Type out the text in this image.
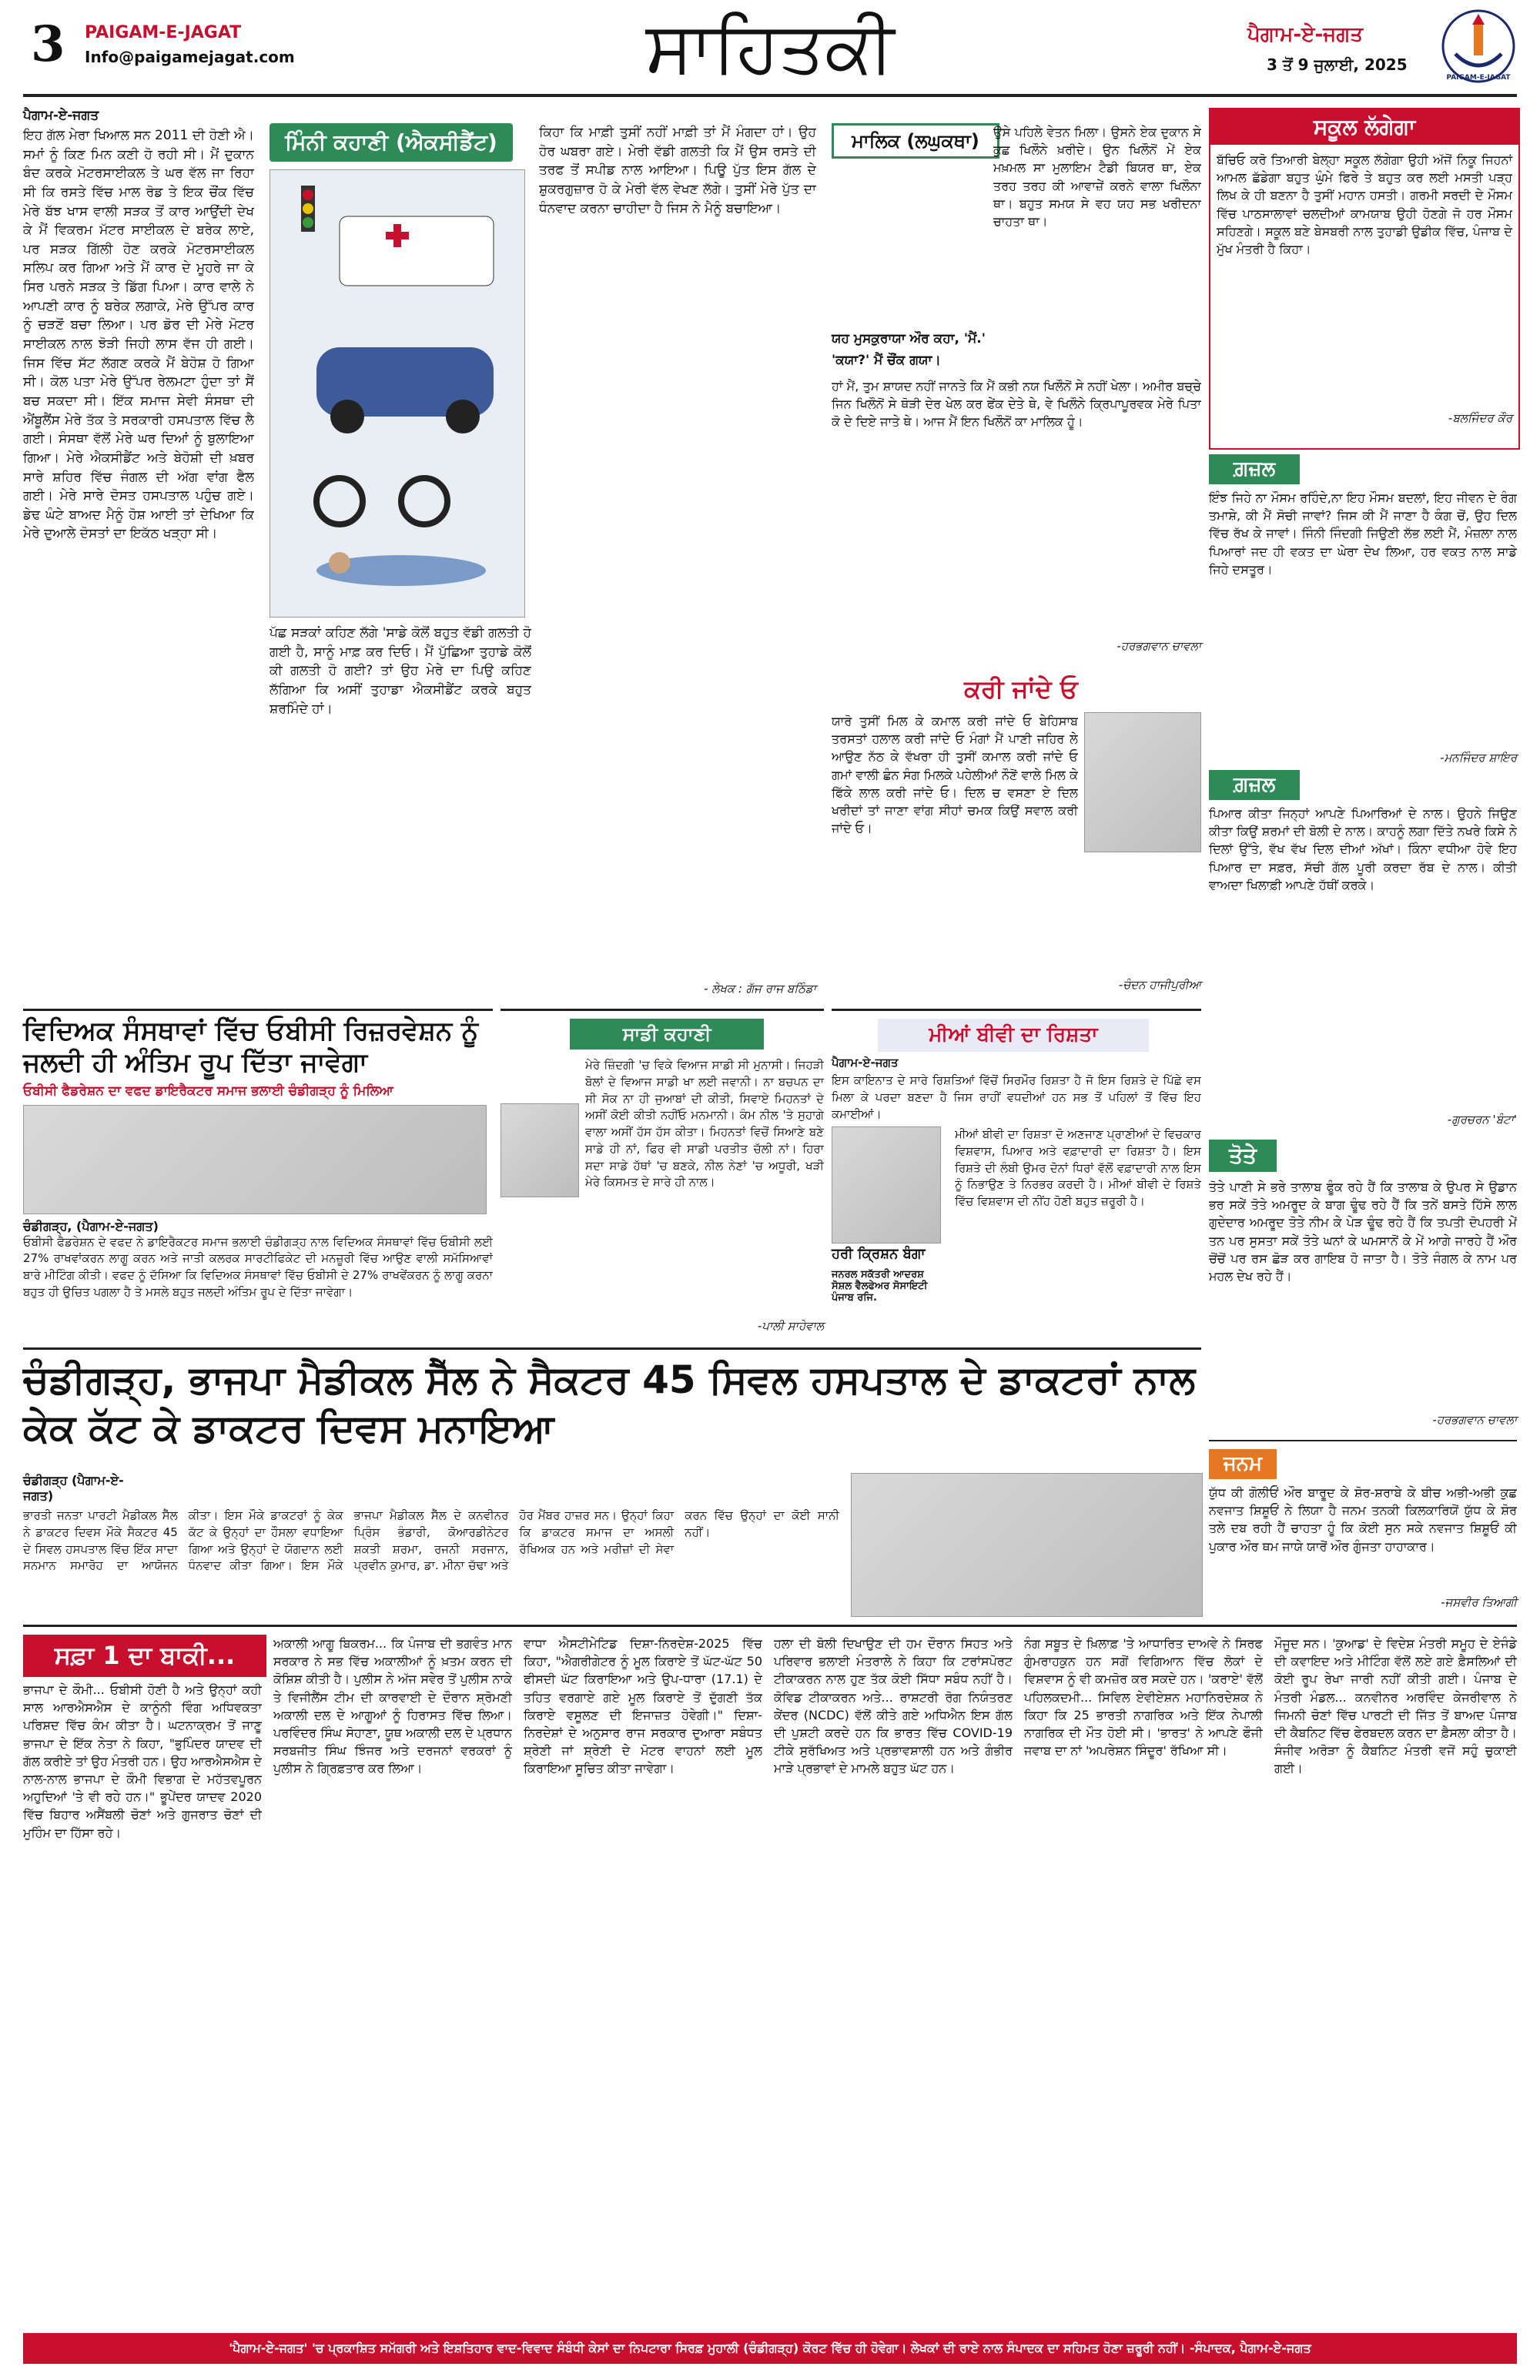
3 PAIGAM-E-JAGAT
Info@paigamejagat.com	ਸਾਹਿਤਕੀ	ਪੈਗਾਮ-ਏ-ਜਗਤ
3 ਤੋਂ 9 ਜੁਲਾਈ, 2025
PAIGAM-E-JAGAT
ਪੈਗਾਮ-ਏ-ਜਗਤ
ਇਹ ਗੱਲ ਮੇਰਾ ਖਿਆਲ ਸਨ 2011 ਦੀ ਹੋਣੀ ਐ। ਸਮਾਂ ਨੂੰ ਕਿਣ ਮਿਨ ਕਣੀ ਹੋ ਰਹੀ ਸੀ। ਮੈਂ ਦੁਕਾਨ ਬੰਦ ਕਰਕੇ ਮੋਟਰਸਾਈਕਲ ਤੇ ਘਰ ਵੱਲ ਜਾ ਰਿਹਾ ਸੀ ਕਿ ਰਸਤੇ ਵਿੱਚ ਮਾਲ ਰੋਡ ਤੇ ਇਕ ਚੌਂਕ ਵਿੱਚ ਮੇਰੇ ਬੱਝ ਖਾਸ ਵਾਲੀ ਸੜਕ ਤੋਂ ਕਾਰ ਆਉਂਦੀ ਦੇਖ ਕੇ ਮੈਂ ਵਿਕਰਮ ਮੱਟਰ ਸਾਈਕਲ ਦੇ ਬਰੇਕ ਲਾਏ, ਪਰ ਸੜਕ ਗਿੱਲੀ ਹੋਣ ਕਰਕੇ ਮੋਟਰਸਾਈਕਲ ਸਲਿਪ ਕਰ ਗਿਆ ਅਤੇ ਮੈਂ ਕਾਰ ਦੇ ਮੂਹਰੇ ਜਾ ਕੇ ਸਿਰ ਪਰਨੇ ਸੜਕ ਤੇ ਡਿੱਗ ਪਿਆ। ਕਾਰ ਵਾਲੇ ਨੇ ਆਪਣੀ ਕਾਰ ਨੂੰ ਬਰੇਕ ਲਗਾਕੇ, ਮੇਰੇ ਉੱਪਰ ਕਾਰ ਨੂੰ ਚੜਣੋਂ ਬਚਾ ਲਿਆ। ਪਰ ਡੋਰ ਦੀ ਮੇਰੇ ਮੋਟਰ ਸਾਈਕਲ ਨਾਲ ਝੋੜੀ ਜਿਹੀ ਲਾਸ ਵੱਜ ਹੀ ਗਈ। ਜਿਸ ਵਿੱਚ ਸੱਟ ਲੱਗਣ ਕਰਕੇ ਮੈਂ ਬੇਹੋਸ਼ ਹੋ ਗਿਆ ਸੀ। ਕੋਲ ਪਤਾ ਮੇਰੇ ਉੱਪਰ ਰੇਲਮਟਾ ਹੁੰਦਾ ਤਾਂ ਸੈਂ ਬਚ ਸਕਦਾ ਸੀ। ਇੱਕ ਸਮਾਜ ਸੇਵੀ ਸੰਸਥਾ ਦੀ ਐਂਬੂਲੈਂਸ ਮੇਰੇ ਤੱਕ ਤੇ ਸਰਕਾਰੀ ਹਸਪਤਾਲ ਵਿੱਚ ਲੈ ਗਈ। ਸੰਸਥਾ ਵੱਲੋਂ ਮੇਰੇ ਘਰ ਦਿਆਂ ਨੂੰ ਬੁਲਾਇਆ ਗਿਆ। ਮੇਰੇ ਐਕਸੀਡੈਂਟ ਅਤੇ ਬੇਹੋਸ਼ੀ ਦੀ ਖ਼ਬਰ ਸਾਰੇ ਸ਼ਹਿਰ ਵਿੱਚ ਜੰਗਲ ਦੀ ਅੱਗ ਵਾਂਗ ਫੈਲ ਗਈ। ਮੇਰੇ ਸਾਰੇ ਦੋਸਤ ਹਸਪਤਾਲ ਪਹੁੰਚ ਗਏ। ਡੇਢ ਘੰਟੇ ਬਾਅਦ ਮੈਨੂੰ ਹੋਸ਼ ਆਈ ਤਾਂ ਦੇਖਿਆ ਕਿ ਮੇਰੇ ਦੁਆਲੇ ਦੋਸਤਾਂ ਦਾ ਇਕੱਠ ਖੜ੍ਹਾ ਸੀ।
ਮਿੰਨੀ ਕਹਾਣੀ (ਐਕਸੀਡੈਂਟ)
ਪੱਛ ਸੜਕਾਂ ਕਹਿਣ ਲੱਗੇ 'ਸਾਡੇ ਕੋਲੋਂ ਬਹੁਤ ਵੱਡੀ ਗਲਤੀ ਹੋ ਗਈ ਹੈ, ਸਾਨੂੰ ਮਾਫ਼ ਕਰ ਦਿਓ। ਮੈਂ ਪੁੱਛਿਆ ਤੁਹਾਡੇ ਕੋਲੋਂ ਕੀ ਗਲਤੀ ਹੋ ਗਈ? ਤਾਂ ਉਹ ਮੇਰੇ ਦਾ ਪਿਉ ਕਹਿਣ ਲੱਗਿਆ ਕਿ ਅਸੀਂ ਤੁਹਾਡਾ ਐਕਸੀਡੈਂਟ ਕਰਕੇ ਬਹੁਤ ਸ਼ਰਮਿੰਦੇ ਹਾਂ।
ਕਿਹਾ ਕਿ ਮਾਫ਼ੀ ਤੁਸੀਂ ਨਹੀਂ ਮਾਫ਼ੀ ਤਾਂ ਮੈਂ ਮੰਗਦਾ ਹਾਂ। ਉਹ ਹੋਰ ਘਬਰਾ ਗਏ। ਮੇਰੀ ਵੱਡੀ ਗਲਤੀ ਕਿ ਮੈਂ ਉਸ ਰਸਤੇ ਦੀ ਤਰਫ ਤੋਂ ਸਪੀਡ ਨਾਲ ਆਇਆ। ਪਿਊ ਪੁੱਤ ਇਸ ਗੱਲ ਦੇ ਸ਼ੁਕਰਗੁਜ਼ਾਰ ਹੋ ਕੇ ਮੇਰੀ ਵੱਲ ਵੇਖਣ ਲੱਗੇ। ਤੁਸੀਂ ਮੇਰੇ ਪੁੱਤ ਦਾ ਧੰਨਵਾਦ ਕਰਨਾ ਚਾਹੀਦਾ ਹੈ ਜਿਸ ਨੇ ਮੈਨੂੰ ਬਚਾਇਆ।
- ਲੇਖਕ : ਗੱਜ ਰਾਜ ਬਠਿੰਡਾ
ਮਾਲਿਕ (ਲਘੁਕਥਾ)	ਉਸੇ ਪਹਿਲੇ ਵੇਤਨ ਮਿਲਾ। ਉਸਨੇ ਏਕ ਦੁਕਾਨ ਸੇ ਕੁਛ ਖਿਲੌਨੇ ਖ਼ਰੀਦੇ। ਉਨ ਖਿਲੌਨੋਂ ਮੇਂ ਏਕ ਮਖ਼ਮਲ ਸਾ ਮੁਲਾਇਮ ਟੈਡੀ ਬਿਯਰ ਥਾ, ਏਕ ਤਰਹ ਤਰਹ ਕੀ ਆਵਾਜ਼ੇਂ ਕਰਨੇ ਵਾਲਾ ਖਿਲੌਨਾ ਥਾ। ਬਹੁਤ ਸਮਯ ਸੇ ਵਹ ਯਹ ਸਭ ਖਰੀਦਨਾ ਚਾਹਤਾ ਥਾ।
ਯਹ ਮੁਸਕੁਰਾਯਾ ਔਰ ਕਹਾ, 'ਮੈਂ.'
'ਕਯਾ?' ਮੈਂ ਚੌਂਕ ਗਯਾ।
ਹਾਂ ਮੈਂ, ਤੁਮ ਸ਼ਾਯਦ ਨਹੀਂ ਜਾਨਤੇ ਕਿ ਮੈਂ ਕਭੀ ਨਯ ਖਿਲੌਨੋਂ ਸੇ ਨਹੀਂ ਖੇਲਾ। ਅਮੀਰ ਬਚ੍ਚੇ ਜਿਨ ਖਿਲੌਨੋਂ ਸੇ ਥੋੜੀ ਦੇਰ ਖੇਲ ਕਰ ਫੇਂਕ ਦੇਤੇ ਥੇ, ਵੇ ਖਿਲੌਨੇ ਕ੍ਰਿਪਾਪੂਰਵਕ ਮੇਰੇ ਪਿਤਾ ਕੋ ਦੇ ਦਿਏ ਜਾਤੇ ਥੇ। ਆਜ ਮੈਂ ਇਨ ਖਿਲੌਨੋਂ ਕਾ ਮਾਲਿਕ ਹੂੰ।
-ਹਰਭਗਵਾਨ ਚਾਵਲਾ
ਕਰੀ ਜਾਂਦੇ ਓ
ਯਾਰੋ ਤੁਸੀਂ ਮਿਲ ਕੇ ਕਮਾਲ ਕਰੀ ਜਾਂਦੇ ਓ ਬੇਹਿਸਾਬ ਤਰਸਤਾਂ ਹਲਾਲ ਕਰੀ ਜਾਂਦੇ ਓ ਮੰਗਾਂ ਮੈਂ ਪਾਣੀ ਜਹਿਰ ਲੇ ਆਉਣ ਨੱਠ ਕੇ ਵੱਖਰਾ ਹੀ ਤੁਸੀਂ ਕਮਾਲ ਕਰੀ ਜਾਂਦੇ ਓ ਗਮਾਂ ਵਾਲੀ ਛੰਨ ਸੰਗ ਮਿਲਕੇ ਪਹੇਲੀਆਂ ਨੌਣੋਂ ਵਾਲੇ ਮਿਲ ਕੇ ਫਿੱਕੇ ਲਾਲ ਕਰੀ ਜਾਂਦੇ ਓ। ਦਿਲ ਚ ਵਸਣਾ ਏ ਦਿਲ ਖਰੀਦਾਂ ਤਾਂ ਜਾਣਾ ਵਾਂਗ ਸੀਹਾਂ ਚਮਕ ਕਿਉਂ ਸਵਾਲ ਕਰੀ ਜਾਂਦੇ ਓ।
-ਚੰਦਨ ਹਾਜੀਪੁਰੀਆ
ਸਕੂਲ ਲੱਗੇਗਾ
ਬੱਚਿਓ ਕਰੋ ਤਿਆਰੀ ਬੇਲ੍ਹਾ ਸਕੂਲ ਲੱਗੇਗਾ ਉਹੀ ਅੱਜੋਂ ਨਿਕੂ ਜਿਹਨਾਂ ਆਮਲ ਛੱਡੇਗਾ ਬਹੁਤ ਘੁੰਮੇ ਫਿਰੇ ਤੇ ਬਹੁਤ ਕਰ ਲਈ ਮਸਤੀ ਪੜ੍ਹ ਲਿਖ ਕੇ ਹੀ ਬਣਨਾ ਹੈ ਤੁਸੀਂ ਮਹਾਨ ਹਸਤੀ। ਗਰਮੀ ਸਰਦੀ ਦੇ ਮੌਸਮ ਵਿੱਚ ਪਾਠਸਾਲਾਵਾਂ ਚਲਦੀਆਂ ਕਾਮਯਾਬ ਉਹੀ ਹੋਣਗੇ ਜੋ ਹਰ ਮੌਸਮ ਸਹਿਣਗੇ। ਸਕੂਲ ਬਣੇ ਬੇਸਬਰੀ ਨਾਲ ਤੁਹਾਡੀ ਉਡੀਕ ਵਿੱਚ, ਪੰਜਾਬ ਦੇ ਮੁੱਖ ਮੰਤਰੀ ਹੈ ਕਿਹਾ।
-ਬਲਜਿੰਦਰ ਕੌਰ
ਗ਼ਜ਼ਲ
ਇੰਝ ਜਿਹੇ ਨਾ ਮੌਸਮ ਰਹਿੰਦੇ,ਨਾ ਇਹ ਮੌਸਮ ਬਦਲਾਂ, ਇਹ ਜੀਵਨ ਦੇ ਰੰਗ ਤਮਾਸ਼ੇ, ਕੀ ਮੈਂ ਸੋਚੀ ਜਾਵਾਂ? ਜਿਸ ਕੀ ਮੈਂ ਜਾਣਾ ਹੈ ਕੰਗ ਚੋਂ, ਉਹ ਦਿਲ ਵਿੱਚ ਰੱਖ ਕੇ ਜਾਵਾਂ। ਜਿੰਨੀ ਜਿੰਦਗੀ ਜਿਉਣੀ ਲੱਭ ਲਈ ਮੈਂ, ਮੰਜ਼ਲਾ ਨਾਲ ਪਿਆਰਾਂ ਜਦ ਹੀ ਵਕਤ ਦਾ ਘੇਰਾ ਦੇਖ ਲਿਆ, ਹਰ ਵਕਤ ਨਾਲ ਸਾਡੇ ਜਿਹੇ ਦਸਤੂਰ।
-ਮਨਜਿੰਦਰ ਸ਼ਾਇਰ
ਗ਼ਜ਼ਲ
ਪਿਆਰ ਕੀਤਾ ਜਿਨ੍ਹਾਂ ਆਪਣੇ ਪਿਆਰਿਆਂ ਦੇ ਨਾਲ। ਉਹਨੇ ਜਿਉਣ ਕੀਤਾ ਕਿਉਂ ਸ਼ਰਮਾਂ ਦੀ ਬੋਲੀ ਦੇ ਨਾਲ। ਕਾਹਨੂੰ ਲਗਾ ਦਿੱਤੇ ਨਖਰੇ ਕਿਸੇ ਨੇ ਦਿਲਾਂ ਉੱਤੇ, ਵੱਖ ਵੱਖ ਦਿਲ ਦੀਆਂ ਅੱਖਾਂ। ਕਿੰਨਾ ਵਧੀਆ ਹੋਵੇ ਇਹ ਪਿਆਰ ਦਾ ਸਫ਼ਰ, ਸੱਚੀ ਗੱਲ ਪੂਰੀ ਕਰਦਾ ਰੱਬ ਦੇ ਨਾਲ। ਕੀਤੀ ਵਾਅਦਾ ਖਿਲਾਫ਼ੀ ਆਪਣੇ ਹੱਥੀਂ ਕਰਕੇ।
-ਗੁਰਚਰਨ 'ਬੰਟਾ'
ਤੋਤੇ
ਤੋਤੇ ਪਾਣੀ ਸੇ ਭਰੇ ਤਾਲਾਬ ਫੂੰਕ ਰਹੇ ਹੈਂ ਕਿ ਤਾਲਾਬ ਕੇ ਉਪਰ ਸੇ ਉਡਾਨ ਭਰ ਸਕੇਂ ਤੋਤੇ ਅਮਰੂਦ ਕੇ ਬਾਗ ਢੂੰਢ ਰਹੇ ਹੈਂ ਕਿ ਤਨੇਂ ਬਸਤੇ ਹਿੱਸੇ ਲਾਲ ਗੁਦੇਦਾਰ ਅਮਰੂਦ ਤੋਤੇ ਨੀਮ ਕੇ ਪੇੜ ਢੂੰਢ ਰਹੇ ਹੈਂ ਕਿ ਤਪਤੀ ਦੋਪਹਰੀ ਮੇਂ ਤਨ ਪਰ ਸੁਸਤਾ ਸਕੇਂ ਤੋਤੇ ਘਨਾਂ ਕੇ ਘਮਸਾਨੋਂ ਕੇ ਮੇਂ ਆਗੇ ਜਾਰਹੇ ਹੈਂ ਔਰ ਚੋਂਚੋਂ ਪਰ ਰਸ ਛੋੜ ਕਰ ਗਾਇਬ ਹੋ ਜਾਤਾ ਹੈ। ਤੋਤੇ ਜੰਗਲ ਕੇ ਨਾਮ ਪਰ ਮਹਲ ਦੇਖ ਰਹੇ ਹੈਂ।
-ਹਰਭਗਵਾਨ ਚਾਵਲਾ
ਜਨਮ
ਯੁੱਧ ਕੀ ਗੋਲੀਓਂ ਔਰ ਬਾਰੂਦ ਕੇ ਸ਼ੋਰ-ਸ਼ਰਾਬੇ ਕੇ ਬੀਚ ਅਭੀ-ਅਭੀ ਕੁਛ ਨਵਜਾਤ ਸ਼ਿਸ਼ੂਓਂ ਨੇ ਲਿਯਾ ਹੈ ਜਨਮ ਤਨਕੀ ਕਿਲਕਾਰਿਯੋਂ ਯੁੱਧ ਕੇ ਸ਼ੋਰ ਤਲੇ ਦਬ ਰਹੀ ਹੈਂ ਚਾਹਤਾ ਹੂੰ ਕਿ ਕੋਈ ਸੁਨ ਸਕੇ ਨਵਜਾਤ ਸ਼ਿਸ਼ੂਓਂ ਕੀ ਪੁਕਾਰ ਔਰ ਥਮ ਜਾਯੇ ਯਾਰੋਂ ਔਰ ਗੁੰਜਤਾ ਹਾਹਾਕਾਰ।
-ਜਸਵੀਰ ਤਿਆਗੀ
ਵਿਦਿਅਕ ਸੰਸਥਾਵਾਂ ਵਿੱਚ ਓਬੀਸੀ ਰਿਜ਼ਰਵੇਸ਼ਨ ਨੂੰ ਜਲਦੀ ਹੀ ਅੰਤਿਮ ਰੂਪ ਦਿੱਤਾ ਜਾਵੇਗਾ
ਓਬੀਸੀ ਫੈਡਰੇਸ਼ਨ ਦਾ ਵਫਦ ਡਾਇਰੈਕਟਰ ਸਮਾਜ ਭਲਾਈ ਚੰਡੀਗੜ੍ਹ ਨੂੰ ਮਿਲਿਆ
ਚੰਡੀਗੜ੍ਹ, (ਪੈਗਾਮ-ਏ-ਜਗਤ)
ਓਬੀਸੀ ਫੈਡਰੇਸ਼ਨ ਦੇ ਵਫਦ ਨੇ ਡਾਇਰੈਕਟਰ ਸਮਾਜ ਭਲਾਈ ਚੰਡੀਗੜ੍ਹ ਨਾਲ ਵਿਦਿਅਕ ਸੰਸਥਾਵਾਂ ਵਿੱਚ ਓਬੀਸੀ ਲਈ 27% ਰਾਖਵਾਂਕਰਨ ਲਾਗੂ ਕਰਨ ਅਤੇ ਜਾਤੀ ਕਲਰਕ ਸਾਰਟੀਫਿਕੇਟ ਦੀ ਮਨਜ਼ੂਰੀ ਵਿੱਚ ਆਉਣ ਵਾਲੀ ਸਮੱਸਿਆਵਾਂ ਬਾਰੇ ਮੀਟਿੰਗ ਕੀਤੀ। ਵਫਦ ਨੂੰ ਦੱਸਿਆ ਕਿ ਵਿਦਿਅਕ ਸੰਸਥਾਵਾਂ ਵਿੱਚ ਓਬੀਸੀ ਦੇ 27% ਰਾਖਵੇਂਕਰਨ ਨੂੰ ਲਾਗੂ ਕਰਨਾ ਬਹੁਤ ਹੀ ਉਚਿਤ ਪਗਲਾ ਹੈ ਤੇ ਮਸਲੇ ਬਹੁਤ ਜਲਦੀ ਅੰਤਿਮ ਰੂਪ ਦੇ ਦਿੱਤਾ ਜਾਵੇਗਾ।
ਸਾਡੀ ਕਹਾਣੀ
ਮੇਰੇ ਜ਼ਿੰਦਗੀ 'ਚ ਵਿਕੇ ਵਿਆਜ ਸਾਡੀ ਸੀ ਮੁਨਾਸੀ। ਜਿਹੜੀ ਬੋਲਾਂ ਦੇ ਵਿਆਜ ਸਾਡੀ ਖਾ ਲਈ ਜਵਾਨੀ। ਨਾ ਬਚਪਨ ਦਾ ਸੀ ਸੋਕ ਨਾ ਹੀ ਜੁਆਬਾਂ ਦੀ ਕੀਤੀ, ਸਿਵਾਏ ਮਿਹਨਤਾਂ ਦੇ ਅਸੀਂ ਕੋਈ ਕੀਤੀ ਨਹੀਂਓ ਮਨਮਾਨੀ। ਕੰਮ ਨੀਲ 'ਤੇ ਸੁਹਾਗੇ ਵਾਲਾ ਅਸੀਂ ਹੱਸ ਹੱਸ ਕੀਤਾ। ਮਿਹਨਤਾਂ ਵਿਚੋਂ ਸਿਆਣੇ ਬਣੇ ਸਾਡੇ ਹੀ ਨਾਂ, ਫਿਰ ਵੀ ਸਾਡੀ ਪਰਤੀਤ ਚੱਲੀ ਨਾਂ। ਹਿਰਾ ਸਦਾ ਸਾਡੇ ਹੱਥਾਂ 'ਚ ਬਣਕੇ, ਨੀਲ ਨੇਣਾਂ 'ਚ ਅਧੂਰੀ, ਖੜੀ ਮੇਰੇ ਕਿਸਮਤ ਦੇ ਸਾਰੇ ਹੀ ਨਾਲ।
-ਪਾਲੀ ਸਾਹੇਵਾਲ
ਮੀਆਂ ਬੀਵੀ ਦਾ ਰਿਸ਼ਤਾ
ਪੈਗਾਮ-ਏ-ਜਗਤ
ਇਸ ਕਾਇਨਾਤ ਦੇ ਸਾਰੇ ਰਿਸ਼ਤਿਆਂ ਵਿੱਚੋਂ ਸਿਰਮੌਰ ਰਿਸ਼ਤਾ ਹੈ ਜੋ ਇਸ ਰਿਸ਼ਤੇ ਦੇ ਪਿੱਛੇ ਵਸ ਮਿਲਾ ਕੇ ਪਰਦਾ ਬਣਦਾ ਹੈ ਜਿਸ ਰਾਹੀਂ ਵਧਦੀਆਂ ਹਨ ਸਭ ਤੋਂ ਪਹਿਲਾਂ ਤੋਂ ਵਿੱਚ ਇਹ ਕਮਾਈਆਂ।
ਹਰੀ ਕ੍ਰਿਸ਼ਨ ਬੰਗਾ
ਜਨਰਲ ਸਕੱਤਰੀ ਆਦਰਸ਼ ਸੋਸ਼ਲ ਵੈਲਫੇਅਰ ਸੋਸਾਇਟੀ ਪੰਜਾਬ ਰਜਿ.
ਮੀਆਂ ਬੀਵੀ ਦਾ ਰਿਸ਼ਤਾ ਦੋ ਅਣਜਾਣ ਪ੍ਰਾਣੀਆਂ ਦੇ ਵਿਚਕਾਰ ਵਿਸ਼ਵਾਸ, ਪਿਆਰ ਅਤੇ ਵਫ਼ਾਦਾਰੀ ਦਾ ਰਿਸ਼ਤਾ ਹੈ। ਇਸ ਰਿਸ਼ਤੇ ਦੀ ਲੰਬੀ ਉਮਰ ਦੋਨਾਂ ਧਿਰਾਂ ਵੱਲੋਂ ਵਫ਼ਾਦਾਰੀ ਨਾਲ ਇਸ ਨੂੰ ਨਿਭਾਉਣ ਤੇ ਨਿਰਭਰ ਕਰਦੀ ਹੈ। ਮੀਆਂ ਬੀਵੀ ਦੇ ਰਿਸ਼ਤੇ ਵਿੱਚ ਵਿਸ਼ਵਾਸ ਦੀ ਨੀਂਹ ਹੋਣੀ ਬਹੁਤ ਜ਼ਰੂਰੀ ਹੈ।
ਚੰਡੀਗੜ੍ਹ, ਭਾਜਪਾ ਮੈਡੀਕਲ ਸੈੱਲ ਨੇ ਸੈਕਟਰ 45 ਸਿਵਲ ਹਸਪਤਾਲ ਦੇ ਡਾਕਟਰਾਂ ਨਾਲ ਕੇਕ ਕੱਟ ਕੇ ਡਾਕਟਰ ਦਿਵਸ ਮਨਾਇਆ
ਚੰਡੀਗੜ੍ਹ (ਪੈਗਾਮ-ਏ-ਜਗਤ)
ਭਾਰਤੀ ਜਨਤਾ ਪਾਰਟੀ ਮੈਡੀਕਲ ਸੈੱਲ ਨੇ ਡਾਕਟਰ ਦਿਵਸ ਮੌਕੇ ਸੈਕਟਰ 45 ਦੇ ਸਿਵਲ ਹਸਪਤਾਲ ਵਿੱਚ ਇੱਕ ਸਾਦਾ ਸਨਮਾਨ ਸਮਾਰੋਹ ਦਾ ਆਯੋਜਨ ਕੀਤਾ। ਇਸ ਮੌਕੇ ਡਾਕਟਰਾਂ ਨੂੰ ਕੇਕ ਕੱਟ ਕੇ ਉਨ੍ਹਾਂ ਦਾ ਹੌਸਲਾ ਵਧਾਇਆ ਗਿਆ ਅਤੇ ਉਨ੍ਹਾਂ ਦੇ ਯੋਗਦਾਨ ਲਈ ਧੰਨਵਾਦ ਕੀਤਾ ਗਿਆ। ਇਸ ਮੌਕੇ ਭਾਜਪਾ ਮੈਡੀਕਲ ਸੈੱਲ ਦੇ ਕਨਵੀਨਰ ਪ੍ਰਿੰਸ ਭੰਡਾਰੀ, ਕੋਆਰਡੀਨੇਟਰ ਸ਼ਕਤੀ ਸ਼ਰਮਾ, ਰਜਨੀ ਸਰਜਾਨ, ਪ੍ਰਵੀਨ ਕੁਮਾਰ, ਡਾ. ਮੀਨਾ ਚੱਢਾ ਅਤੇ ਹੋਰ ਮੈਂਬਰ ਹਾਜ਼ਰ ਸਨ। ਉਨ੍ਹਾਂ ਕਿਹਾ ਕਿ ਡਾਕਟਰ ਸਮਾਜ ਦਾ ਅਸਲੀ ਰੱਖਿਅਕ ਹਨ ਅਤੇ ਮਰੀਜ਼ਾਂ ਦੀ ਸੇਵਾ ਕਰਨ ਵਿੱਚ ਉਨ੍ਹਾਂ ਦਾ ਕੋਈ ਸਾਨੀ ਨਹੀਂ।
ਸਫ਼ਾ 1 ਦਾ ਬਾਕੀ...
ਭਾਜਪਾ ਦੇ ਕੌਮੀ... ਓਬੀਸੀ ਹੋਣੀ ਹੈ ਅਤੇ ਉਨ੍ਹਾਂ ਕਹੀ ਸਾਲ ਆਰਐਸਐਸ ਦੇ ਕਾਨੂੰਨੀ ਵਿੰਗ ਅਧਿਵਕਤਾ ਪਰਿਸ਼ਦ ਵਿੱਚ ਕੰਮ ਕੀਤਾ ਹੈ। ਘਟਨਾਕ੍ਰਮ ਤੋਂ ਜਾਣੂ ਭਾਜਪਾ ਦੇ ਇੱਕ ਨੇਤਾ ਨੇ ਕਿਹਾ, "ਭੁਪਿੰਦਰ ਯਾਦਵ ਦੀ ਗੱਲ ਕਰੀਏ ਤਾਂ ਉਹ ਮੰਤਰੀ ਹਨ। ਉਹ ਆਰਐਸਐਸ ਦੇ ਨਾਲ-ਨਾਲ ਭਾਜਪਾ ਦੇ ਕੌਮੀ ਵਿਭਾਗ ਦੇ ਮਹੱਤਵਪੂਰਨ ਅਹੁਦਿਆਂ 'ਤੇ ਵੀ ਰਹੇ ਹਨ।" ਭੂਪੇਂਦਰ ਯਾਦਵ 2020 ਵਿੱਚ ਬਿਹਾਰ ਅਸੈਂਬਲੀ ਚੋਣਾਂ ਅਤੇ ਗੁਜਰਾਤ ਚੋਣਾਂ ਦੀ ਮੁਹਿੰਮ ਦਾ ਹਿੱਸਾ ਰਹੇ।
ਅਕਾਲੀ ਆਗੂ ਬਿਕਰਮ... ਕਿ ਪੰਜਾਬ ਦੀ ਭਗਵੰਤ ਮਾਨ ਸਰਕਾਰ ਨੇ ਸਭ ਵਿੱਚ ਅਕਾਲੀਆਂ ਨੂੰ ਖ਼ਤਮ ਕਰਨ ਦੀ ਕੋਸ਼ਿਸ਼ ਕੀਤੀ ਹੈ। ਪੁਲੀਸ ਨੇ ਅੱਜ ਸਵੇਰ ਤੋਂ ਪੁਲੀਸ ਨਾਕੇ ਤੇ ਵਿਜੀਲੈਂਸ ਟੀਮ ਦੀ ਕਾਰਵਾਈ ਦੇ ਦੌਰਾਨ ਸ਼੍ਰੋਮਣੀ ਅਕਾਲੀ ਦਲ ਦੇ ਆਗੂਆਂ ਨੂੰ ਹਿਰਾਸਤ ਵਿੱਚ ਲਿਆ। ਪਰਵਿੰਦਰ ਸਿੰਘ ਸੋਹਾਣਾ, ਯੂਥ ਅਕਾਲੀ ਦਲ ਦੇ ਪ੍ਰਧਾਨ ਸਰਬਜੀਤ ਸਿੰਘ ਝਿੰਜਰ ਅਤੇ ਦਰਜਨਾਂ ਵਰਕਰਾਂ ਨੂੰ ਪੁਲੀਸ ਨੇ ਗ੍ਰਿਫ਼ਤਾਰ ਕਰ ਲਿਆ।
ਵਾਧਾ ਐਸਟੀਮੇਟਿਡ ਦਿਸ਼ਾ-ਨਿਰਦੇਸ਼-2025 ਵਿੱਚ ਕਿਹਾ, "ਐਗਰੀਗੇਟਰ ਨੂੰ ਮੂਲ ਕਿਰਾਏ ਤੋਂ ਘੱਟ-ਘੱਟ 50 ਫੀਸਦੀ ਘੱਟ ਕਿਰਾਇਆ ਅਤੇ ਉਪ-ਧਾਰਾ (17.1) ਦੇ ਤਹਿਤ ਵਰਗਾਏ ਗਏ ਮੂਲ ਕਿਰਾਏ ਤੋਂ ਦੁੱਗਣੀ ਤੱਕ ਕਿਰਾਏ ਵਸੂਲਣ ਦੀ ਇਜਾਜ਼ਤ ਹੋਵੇਗੀ।" ਦਿਸ਼ਾ-ਨਿਰਦੇਸ਼ਾਂ ਦੇ ਅਨੁਸਾਰ ਰਾਜ ਸਰਕਾਰ ਦੁਆਰਾ ਸਬੰਧਤ ਸ਼੍ਰੇਣੀ ਜਾਂ ਸ਼੍ਰੇਣੀ ਦੇ ਮੋਟਰ ਵਾਹਨਾਂ ਲਈ ਮੂਲ ਕਿਰਾਇਆ ਸੂਚਿਤ ਕੀਤਾ ਜਾਵੇਗਾ।
ਹਲਾ ਦੀ ਬੋਲੀ ਦਿਖਾਉਣ ਦੀ ਹਮ ਦੌਰਾਨ ਸਿਹਤ ਅਤੇ ਪਰਿਵਾਰ ਭਲਾਈ ਮੰਤਰਾਲੇ ਨੇ ਕਿਹਾ ਕਿ ਟਰਾਂਸਪੋਰਟ ਟੀਕਾਕਰਨ ਨਾਲ ਹੁਣ ਤੱਕ ਕੋਈ ਸਿੱਧਾ ਸਬੰਧ ਨਹੀਂ ਹੈ। ਕੋਵਿਡ ਟੀਕਾਕਰਨ ਅਤੇ... ਰਾਸ਼ਟਰੀ ਰੋਗ ਨਿਯੰਤਰਣ ਕੇਂਦਰ (NCDC) ਵੱਲੋਂ ਕੀਤੇ ਗਏ ਅਧਿਐਨ ਇਸ ਗੱਲ ਦੀ ਪੁਸ਼ਟੀ ਕਰਦੇ ਹਨ ਕਿ ਭਾਰਤ ਵਿੱਚ COVID-19 ਟੀਕੇ ਸੁਰੱਖਿਅਤ ਅਤੇ ਪ੍ਰਭਾਵਸ਼ਾਲੀ ਹਨ ਅਤੇ ਗੰਭੀਰ ਮਾੜੇ ਪ੍ਰਭਾਵਾਂ ਦੇ ਮਾਮਲੇ ਬਹੁਤ ਘੱਟ ਹਨ।
ਨੰਗ ਸਬੂਤ ਦੇ ਖ਼ਿਲਾਫ਼ 'ਤੇ ਆਧਾਰਿਤ ਦਾਅਵੇ ਨੇ ਸਿਰਫ ਗੁੰਮਰਾਹਕੁਨ ਹਨ ਸਗੋਂ ਵਿਗਿਆਨ ਵਿੱਚ ਲੋਕਾਂ ਦੇ ਵਿਸ਼ਵਾਸ ਨੂੰ ਵੀ ਕਮਜ਼ੋਰ ਕਰ ਸਕਦੇ ਹਨ। 'ਕਰਾਏ' ਵੱਲੋਂ ਪਹਿਲਕਦਮੀ... ਸਿਵਿਲ ਏਵੀਏਸ਼ਨ ਮਹਾਨਿਰਦੇਸ਼ਕ ਨੇ ਕਿਹਾ ਕਿ 25 ਭਾਰਤੀ ਨਾਗਰਿਕ ਅਤੇ ਇੱਕ ਨੇਪਾਲੀ ਨਾਗਰਿਕ ਦੀ ਮੌਤ ਹੋਈ ਸੀ। 'ਭਾਰਤ' ਨੇ ਆਪਣੇ ਫੌਜੀ ਜਵਾਬ ਦਾ ਨਾਂ 'ਅਪਰੇਸ਼ਨ ਸਿੰਦੂਰ' ਰੱਖਿਆ ਸੀ।
ਮੌਜੂਦ ਸਨ। 'ਕੁਆਡ' ਦੇ ਵਿਦੇਸ਼ ਮੰਤਰੀ ਸਮੂਹ ਦੇ ਏਜੰਡੇ ਦੀ ਕਵਾਇਦ ਅਤੇ ਮੀਟਿੰਗ ਵੱਲੋਂ ਲਏ ਗਏ ਫ਼ੈਸਲਿਆਂ ਦੀ ਕੋਈ ਰੂਪ ਰੇਖਾ ਜਾਰੀ ਨਹੀਂ ਕੀਤੀ ਗਈ। ਪੰਜਾਬ ਦੇ ਮੰਤਰੀ ਮੰਡਲ... ਕਨਵੀਨਰ ਅਰਵਿੰਦ ਕੇਜਰੀਵਾਲ ਨੇ ਜਿਮਨੀ ਚੋਣਾਂ ਵਿੱਚ ਪਾਰਟੀ ਦੀ ਜਿੱਤ ਤੋਂ ਬਾਅਦ ਪੰਜਾਬ ਦੀ ਕੈਬਨਿਟ ਵਿੱਚ ਫੇਰਬਦਲ ਕਰਨ ਦਾ ਫ਼ੈਸਲਾ ਕੀਤਾ ਹੈ। ਸੰਜੀਵ ਅਰੋੜਾ ਨੂੰ ਕੈਬਨਿਟ ਮੰਤਰੀ ਵਜੋਂ ਸਹੁੰ ਚੁਕਾਈ ਗਈ।
'ਪੈਗਾਮ-ਏ-ਜਗਤ' 'ਚ ਪ੍ਰਕਾਸ਼ਿਤ ਸਮੱਗਰੀ ਅਤੇ ਇਸ਼ਤਿਹਾਰ ਵਾਦ-ਵਿਵਾਦ ਸੰਬੰਧੀ ਕੇਸਾਂ ਦਾ ਨਿਪਟਾਰਾ ਸਿਰਫ਼ ਮੁਹਾਲੀ (ਚੰਡੀਗੜ੍ਹ) ਕੋਰਟ ਵਿੱਚ ਹੀ ਹੋਵੇਗਾ। ਲੇਖਕਾਂ ਦੀ ਰਾਏ ਨਾਲ ਸੰਪਾਦਕ ਦਾ ਸਹਿਮਤ ਹੋਣਾ ਜ਼ਰੂਰੀ ਨਹੀਂ। -ਸੰਪਾਦਕ, ਪੈਗਾਮ-ਏ-ਜਗਤ
